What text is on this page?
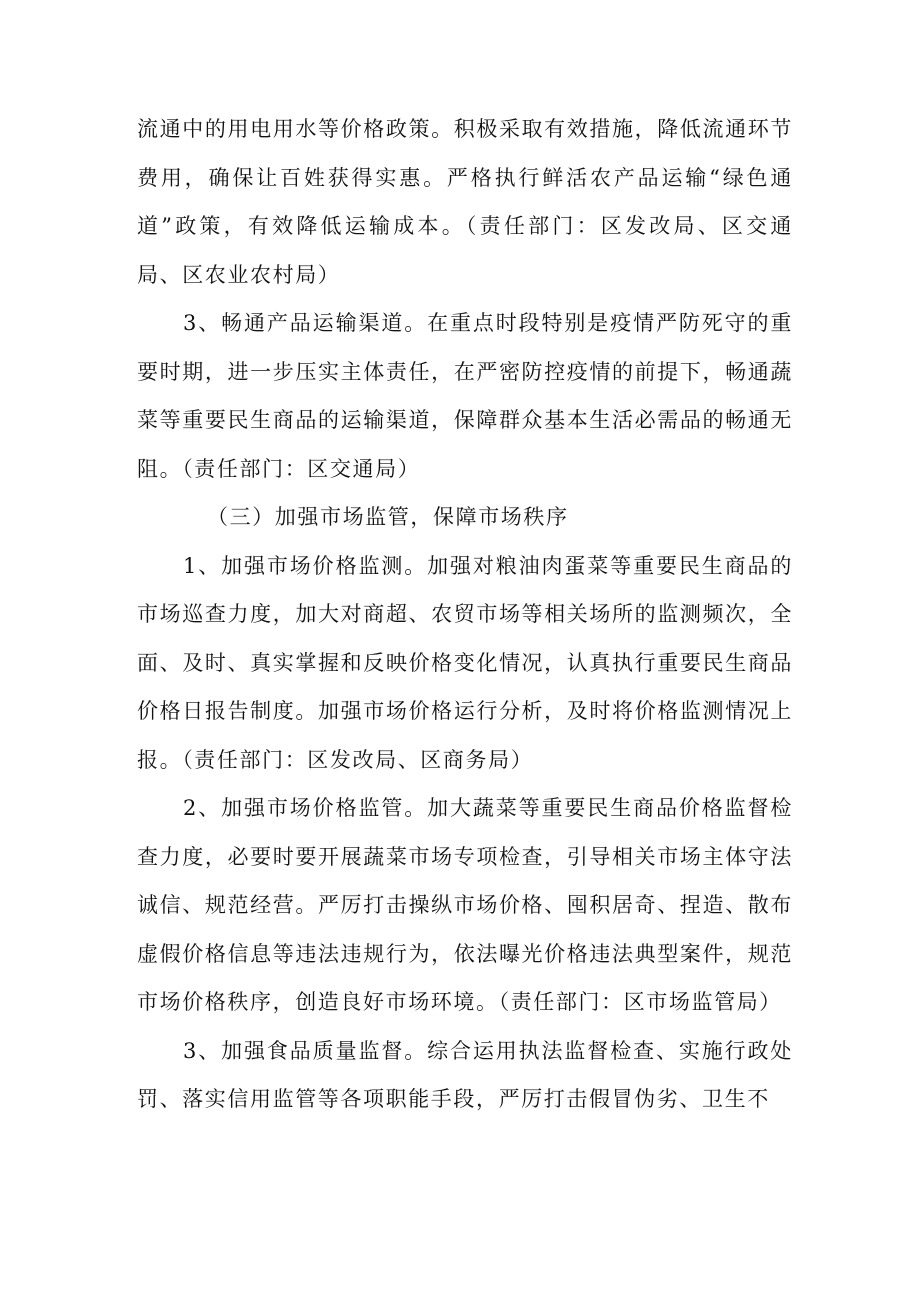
流通中的用电用水等价格政策。积极采取有效措施，降低流通环节费用，确保让百姓获得实惠。严格执行鲜活农产品运输“绿色通道”政策，有效降低运输成本。（责任部门：区发改局、区交通局、区农业农村局）

3、畅通产品运输渠道。在重点时段特别是疫情严防死守的重要时期，进一步压实主体责任，在严密防控疫情的前提下，畅通蔬菜等重要民生商品的运输渠道，保障群众基本生活必需品的畅通无阻。（责任部门：区交通局）

（三）加强市场监管，保障市场秩序

1、加强市场价格监测。加强对粮油肉蛋菜等重要民生商品的市场巡查力度，加大对商超、农贸市场等相关场所的监测频次，全面、及时、真实掌握和反映价格变化情况，认真执行重要民生商品价格日报告制度。加强市场价格运行分析，及时将价格监测情况上报。（责任部门：区发改局、区商务局）

2、加强市场价格监管。加大蔬菜等重要民生商品价格监督检查力度，必要时要开展蔬菜市场专项检查，引导相关市场主体守法诚信、规范经营。严厉打击操纵市场价格、囤积居奇、捏造、散布虚假价格信息等违法违规行为，依法曝光价格违法典型案件，规范市场价格秩序，创造良好市场环境。（责任部门：区市场监管局）

3、加强食品质量监督。综合运用执法监督检查、实施行政处罚、落实信用监管等各项职能手段，严厉打击假冒伪劣、卫生不
